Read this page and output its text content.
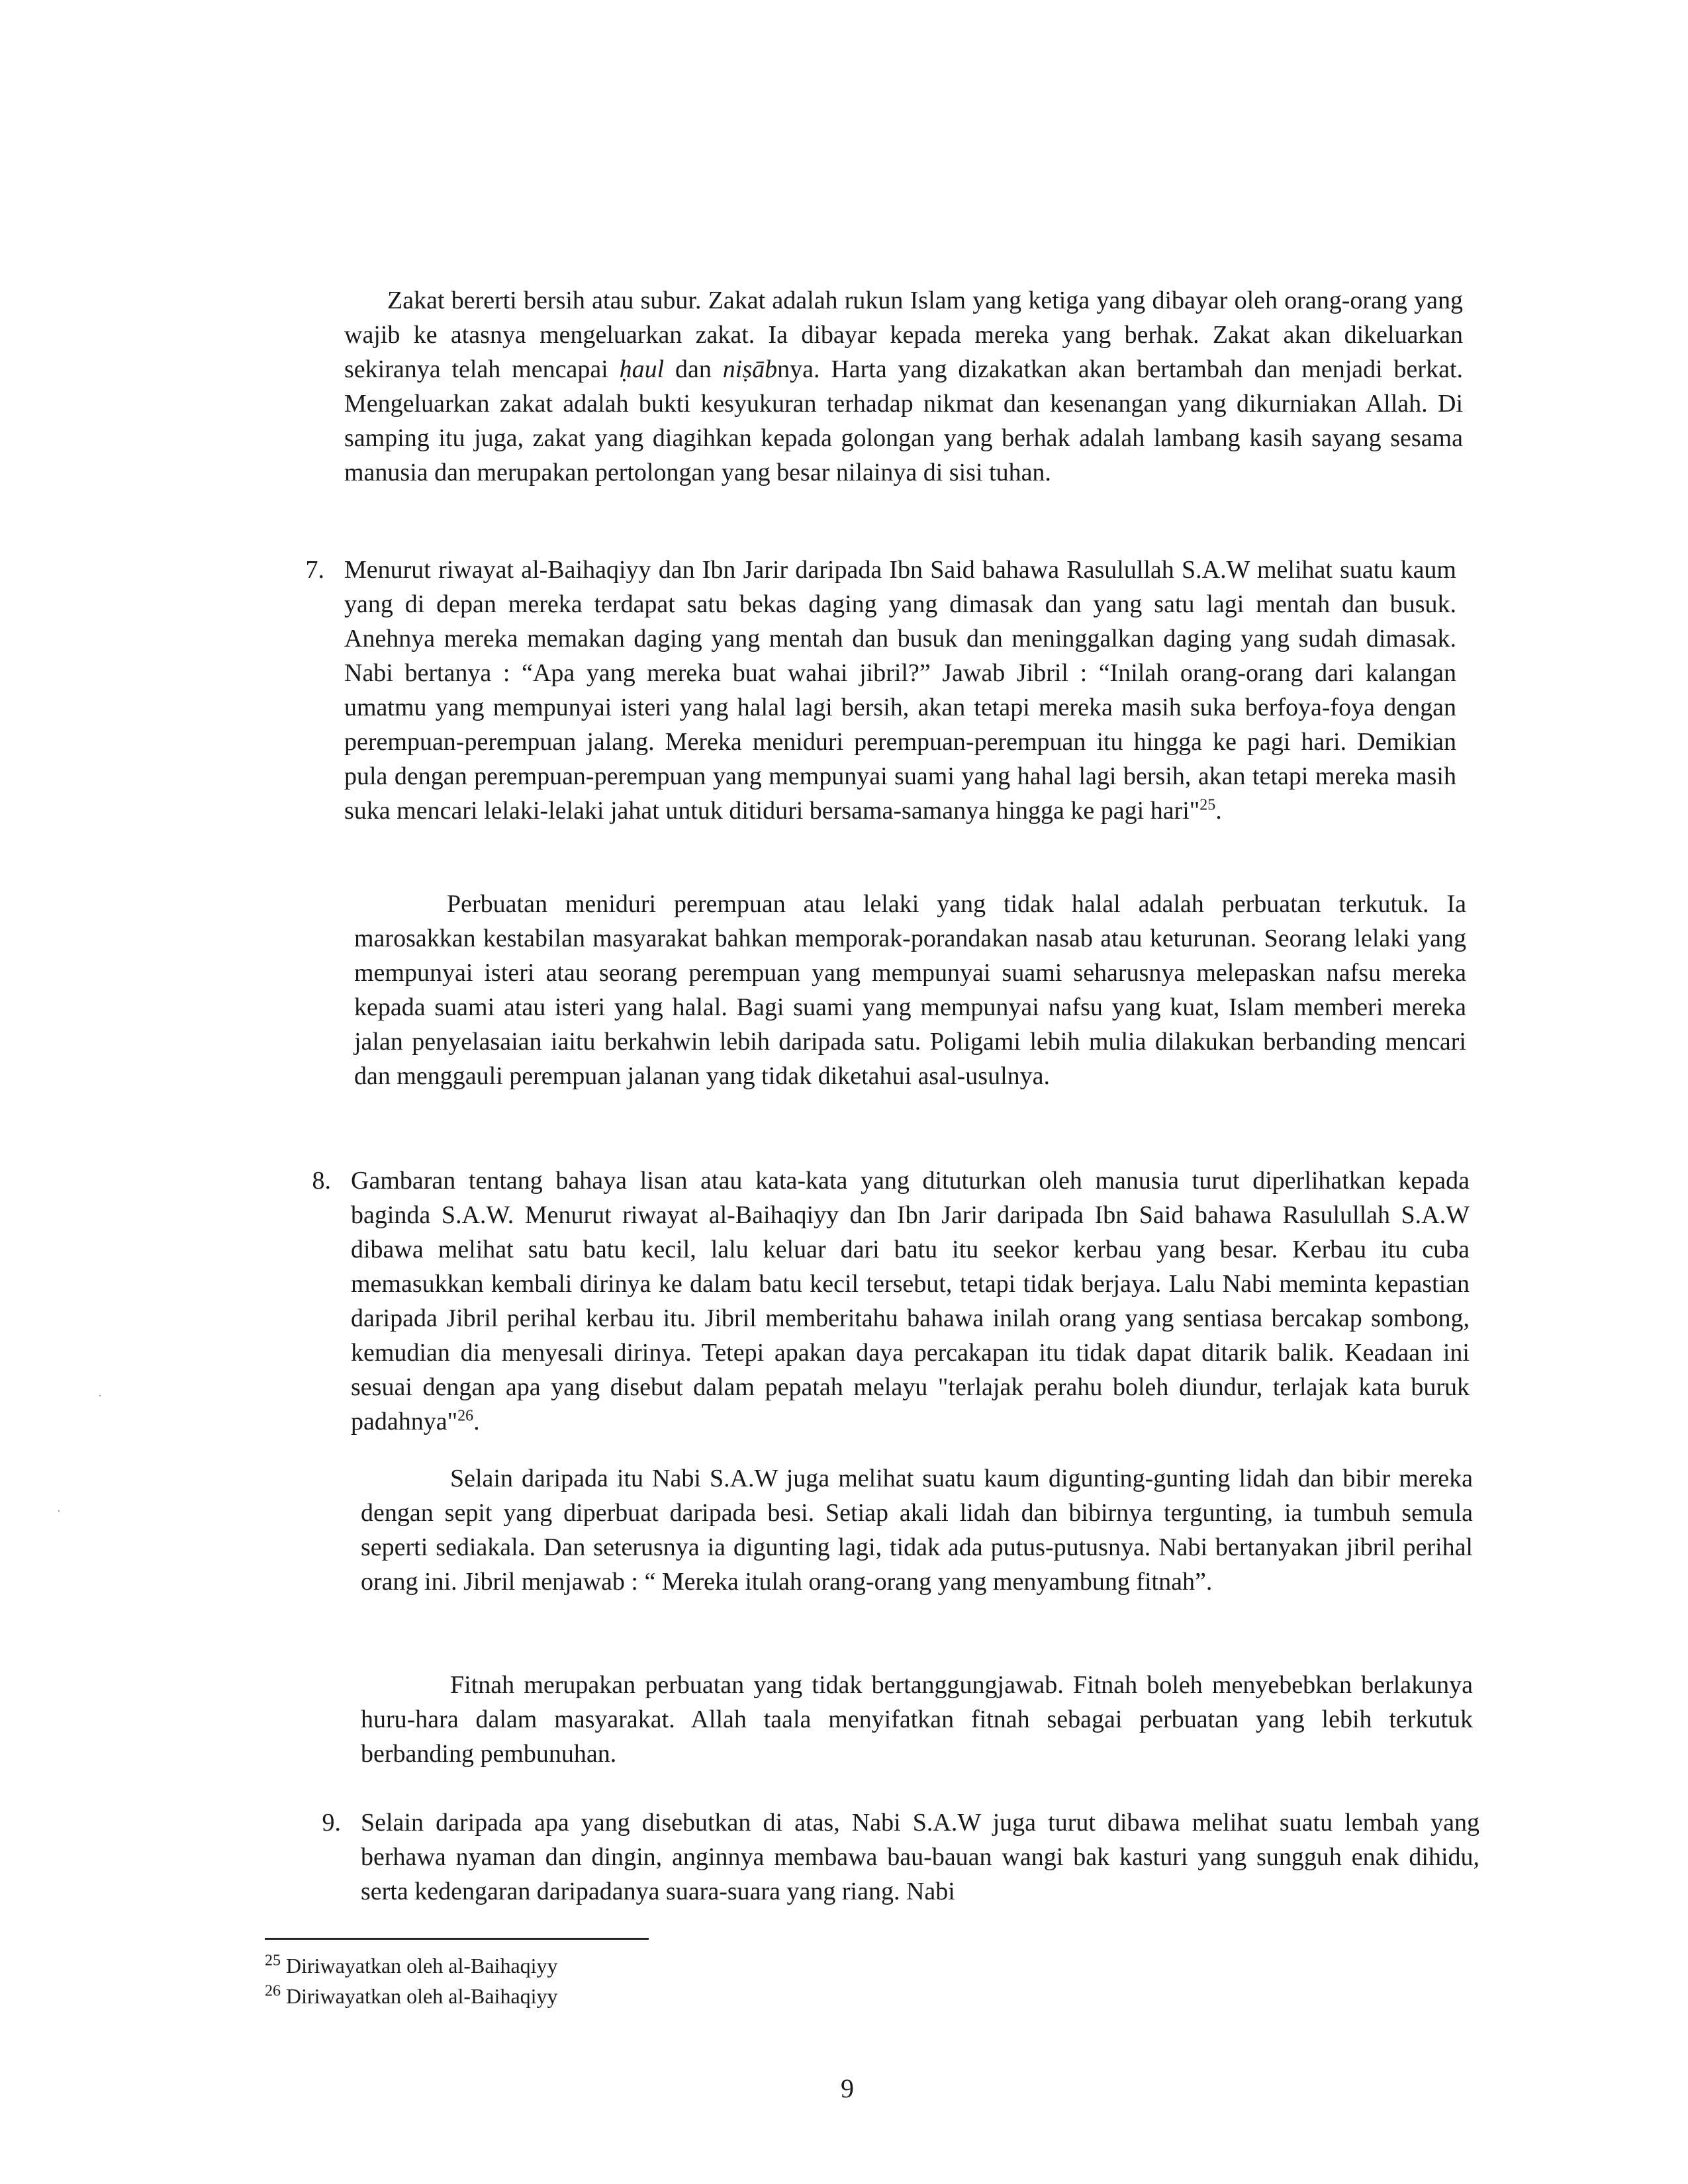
Zakat bererti bersih atau subur. Zakat adalah rukun Islam yang ketiga yang dibayar oleh orang-orang yang wajib ke atasnya mengeluarkan zakat. Ia dibayar kepada mereka yang berhak. Zakat akan dikeluarkan sekiranya telah mencapai ḥaul dan niṣābnya. Harta yang dizakatkan akan bertambah dan menjadi berkat. Mengeluarkan zakat adalah bukti kesyukuran terhadap nikmat dan kesenangan yang dikurniakan Allah. Di samping itu juga, zakat yang diagihkan kepada golongan yang berhak adalah lambang kasih sayang sesama manusia dan merupakan pertolongan yang besar nilainya di sisi tuhan.

7. Menurut riwayat al-Baihaqiyy dan Ibn Jarir daripada Ibn Said bahawa Rasulullah S.A.W melihat suatu kaum yang di depan mereka terdapat satu bekas daging yang dimasak dan yang satu lagi mentah dan busuk. Anehnya mereka memakan daging yang mentah dan busuk dan meninggalkan daging yang sudah dimasak. Nabi bertanya : “Apa yang mereka buat wahai jibril?” Jawab Jibril : “Inilah orang-orang dari kalangan umatmu yang mempunyai isteri yang halal lagi bersih, akan tetapi mereka masih suka berfoya-foya dengan perempuan-perempuan jalang. Mereka meniduri perempuan-perempuan itu hingga ke pagi hari. Demikian pula dengan perempuan-perempuan yang mempunyai suami yang hahal lagi bersih, akan tetapi mereka masih suka mencari lelaki-lelaki jahat untuk ditiduri bersama-samanya hingga ke pagi hari"$^{25}$.

Perbuatan meniduri perempuan atau lelaki yang tidak halal adalah perbuatan terkutuk. Ia marosakkan kestabilan masyarakat bahkan memporak-porandakan nasab atau keturunan. Seorang lelaki yang mempunyai isteri atau seorang perempuan yang mempunyai suami seharusnya melepaskan nafsu mereka kepada suami atau isteri yang halal. Bagi suami yang mempunyai nafsu yang kuat, Islam memberi mereka jalan penyelasaian iaitu berkahwin lebih daripada satu. Poligami lebih mulia dilakukan berbanding mencari dan menggauli perempuan jalanan yang tidak diketahui asal-usulnya.

8. Gambaran tentang bahaya lisan atau kata-kata yang dituturkan oleh manusia turut diperlihatkan kepada baginda S.A.W. Menurut riwayat al-Baihaqiyy dan Ibn Jarir daripada Ibn Said bahawa Rasulullah S.A.W dibawa melihat satu batu kecil, lalu keluar dari batu itu seekor kerbau yang besar. Kerbau itu cuba memasukkan kembali dirinya ke dalam batu kecil tersebut, tetapi tidak berjaya. Lalu Nabi meminta kepastian daripada Jibril perihal kerbau itu. Jibril memberitahu bahawa inilah orang yang sentiasa bercakap sombong, kemudian dia menyesali dirinya. Tetepi apakan daya percakapan itu tidak dapat ditarik balik. Keadaan ini sesuai dengan apa yang disebut dalam pepatah melayu "terlajak perahu boleh diundur, terlajak kata buruk padahnya"$^{26}$.

Selain daripada itu Nabi S.A.W juga melihat suatu kaum digunting-gunting lidah dan bibir mereka dengan sepit yang diperbuat daripada besi. Setiap akali lidah dan bibirnya tergunting, ia tumbuh semula seperti sediakala. Dan seterusnya ia digunting lagi, tidak ada putus-putusnya. Nabi bertanyakan jibril perihal orang ini. Jibril menjawab : “ Mereka itulah orang-orang yang menyambung fitnah”.

Fitnah merupakan perbuatan yang tidak bertanggungjawab. Fitnah boleh menyebebkan berlakunya huru-hara dalam masyarakat. Allah taala menyifatkan fitnah sebagai perbuatan yang lebih terkutuk berbanding pembunuhan.

9. Selain daripada apa yang disebutkan di atas, Nabi S.A.W juga turut dibawa melihat suatu lembah yang berhawa nyaman dan dingin, anginnya membawa bau-bauan wangi bak kasturi yang sungguh enak dihidu, serta kedengaran daripadanya suara-suara yang riang. Nabi

$^{25}$ Diriwayatkan oleh al-Baihaqiyy
$^{26}$ Diriwayatkan oleh al-Baihaqiyy
9
